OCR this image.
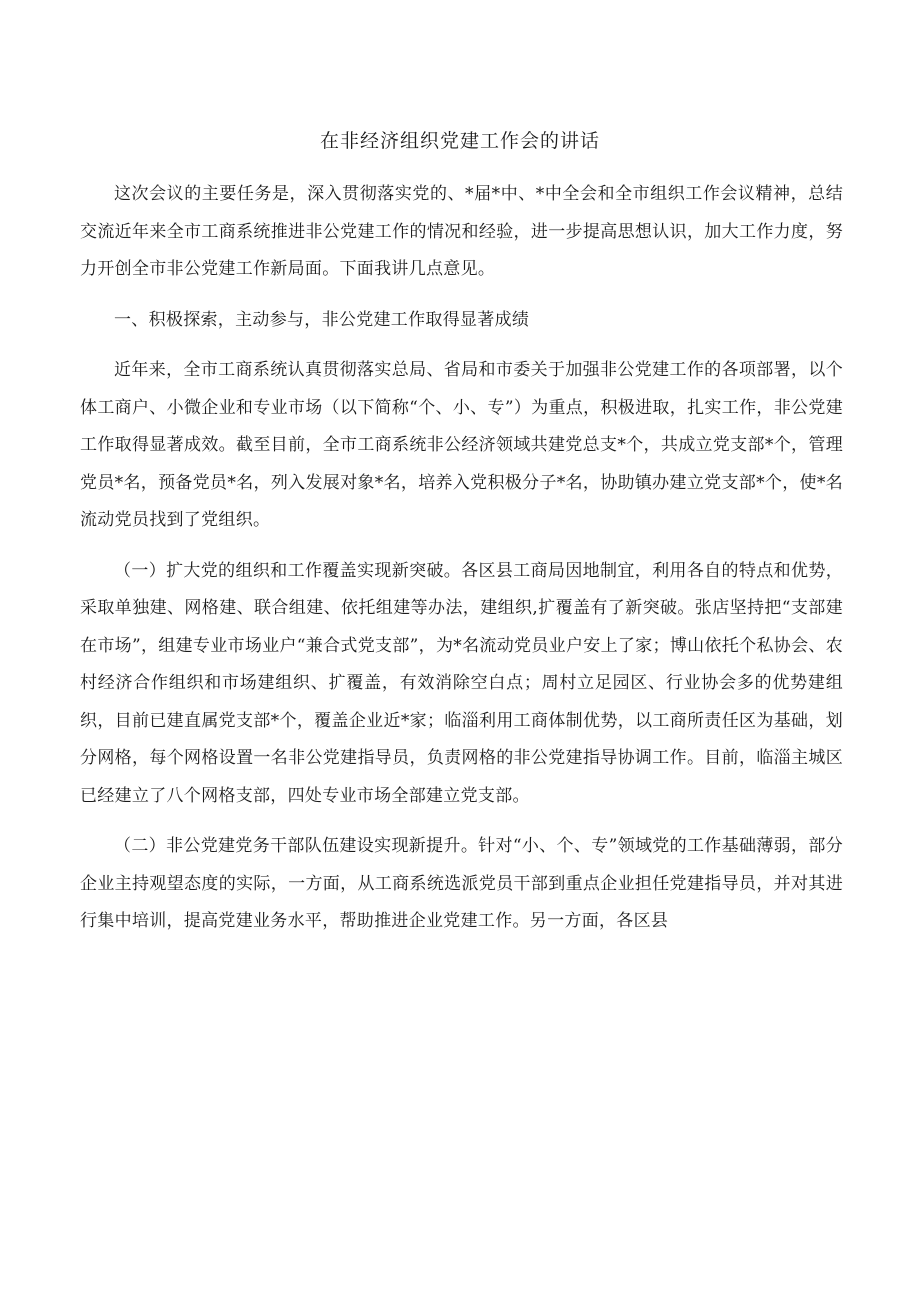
在非经济组织党建工作会的讲话

这次会议的主要任务是，深入贯彻落实党的、*届*中、*中全会和全市组织工作会议精神，总结交流近年来全市工商系统推进非公党建工作的情况和经验，进一步提高思想认识，加大工作力度，努力开创全市非公党建工作新局面。下面我讲几点意见。

一、积极探索，主动参与，非公党建工作取得显著成绩

近年来，全市工商系统认真贯彻落实总局、省局和市委关于加强非公党建工作的各项部署，以个体工商户、小微企业和专业市场（以下简称“个、小、专”）为重点，积极进取，扎实工作，非公党建工作取得显著成效。截至目前，全市工商系统非公经济领域共建党总支*个，共成立党支部*个，管理党员*名，预备党员*名，列入发展对象*名，培养入党积极分子*名，协助镇办建立党支部*个，使*名流动党员找到了党组织。

（一）扩大党的组织和工作覆盖实现新突破。各区县工商局因地制宜，利用各自的特点和优势，采取单独建、网格建、联合组建、依托组建等办法，建组织,扩覆盖有了新突破。张店坚持把“支部建在市场”，组建专业市场业户“兼合式党支部”，为*名流动党员业户安上了家；博山依托个私协会、农村经济合作组织和市场建组织、扩覆盖，有效消除空白点；周村立足园区、行业协会多的优势建组织，目前已建直属党支部*个，覆盖企业近*家；临淄利用工商体制优势，以工商所责任区为基础，划分网格，每个网格设置一名非公党建指导员，负责网格的非公党建指导协调工作。目前，临淄主城区已经建立了八个网格支部，四处专业市场全部建立党支部。

（二）非公党建党务干部队伍建设实现新提升。针对“小、个、专”领域党的工作基础薄弱，部分企业主持观望态度的实际，一方面，从工商系统选派党员干部到重点企业担任党建指导员，并对其进行集中培训，提高党建业务水平，帮助推进企业党建工作。另一方面，各区县
